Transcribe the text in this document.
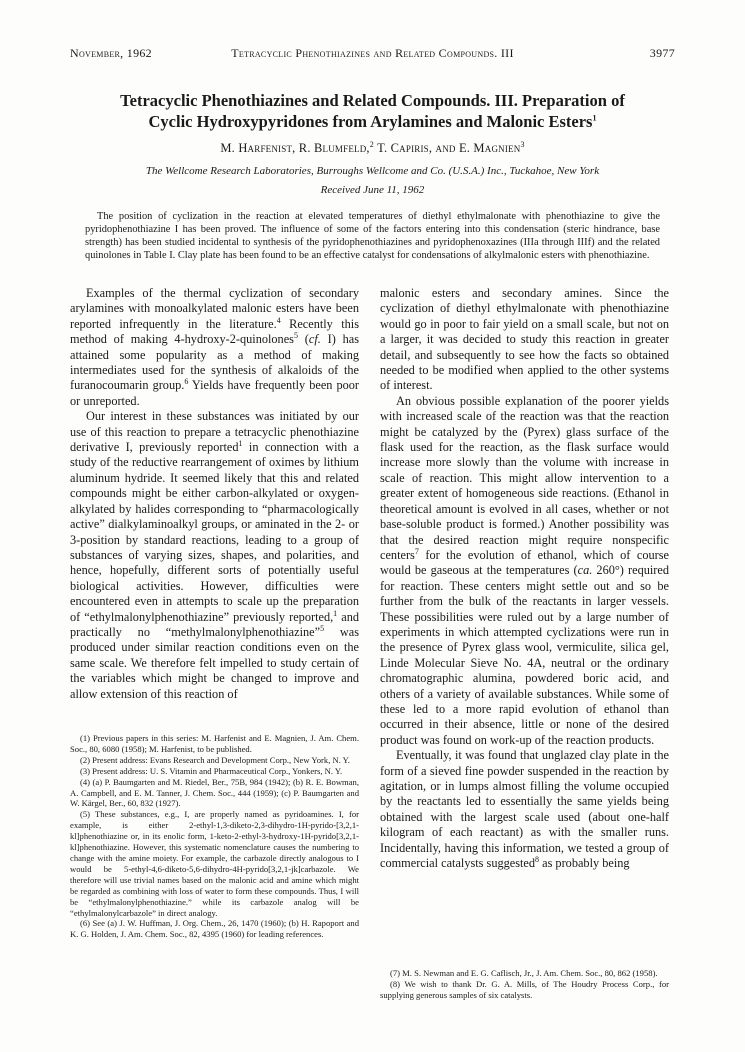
November, 1962	Tetracyclic Phenothiazines and Related Compounds. III	3977
Tetracyclic Phenothiazines and Related Compounds. III. Preparation of
Cyclic Hydroxypyridones from Arylamines and Malonic Esters$^1$
M. Harfenist, R. Blumfeld,$^2$ T. Capiris, and E. Magnien$^3$
The Wellcome Research Laboratories, Burroughs Wellcome and Co. (U.S.A.) Inc., Tuckahoe, New York
Received June 11, 1962
The position of cyclization in the reaction at elevated temperatures of diethyl ethylmalonate with phenothiazine to give the pyridophenothiazine I has been proved. The influence of some of the factors entering into this condensation (steric hindrance, base strength) has been studied incidental to synthesis of the pyridophenothiazines and pyridophenoxazines (IIIa through IIIf) and the related quinolones in Table I. Clay plate has been found to be an effective catalyst for condensations of alkylmalonic esters with phenothiazine.

Examples of the thermal cyclization of secondary arylamines with monoalkylated malonic esters have been reported infrequently in the literature.$^4$ Recently this method of making 4-hydroxy-2-quinolones$^5$ (cf. I) has attained some popularity as a method of making intermediates used for the synthesis of alkaloids of the furanocoumarin group.$^6$ Yields have frequently been poor or unreported.

Our interest in these substances was initiated by our use of this reaction to prepare a tetracyclic phenothiazine derivative I, previously reported$^1$ in connection with a study of the reductive rearrangement of oximes by lithium aluminum hydride. It seemed likely that this and related compounds might be either carbon-alkylated or oxygen-alkylated by halides corresponding to “pharmacologically active” dialkylaminoalkyl groups, or aminated in the 2- or 3-position by standard reactions, leading to a group of substances of varying sizes, shapes, and polarities, and hence, hopefully, different sorts of potentially useful biological activities. However, difficulties were encountered even in attempts to scale up the preparation of “ethylmalonylphenothiazine” previously reported,$^1$ and practically no “methylmalonylphenothiazine”$^5$ was produced under similar reaction conditions even on the same scale. We therefore felt impelled to study certain of the variables which might be changed to improve and allow extension of this reaction of

(1) Previous papers in this series: M. Harfenist and E. Magnien, J. Am. Chem. Soc., 80, 6080 (1958); M. Harfenist, to be published.
(2) Present address: Evans Research and Development Corp., New York, N. Y.
(3) Present address: U. S. Vitamin and Pharmaceutical Corp., Yonkers, N. Y.
(4) (a) P. Baumgarten and M. Riedel, Ber., 75B, 984 (1942); (b) R. E. Bowman, A. Campbell, and E. M. Tanner, J. Chem. Soc., 444 (1959); (c) P. Baumgarten and W. Kärgel, Ber., 60, 832 (1927).
(5) These substances, e.g., I, are properly named as pyridoamines. I, for example, is either 2-ethyl-1,3-diketo-2,3-dihydro-1H-pyrido-[3,2,1-kl]phenothiazine or, in its enolic form, 1-keto-2-ethyl-3-hydroxy-1H-pyrido[3,2,1-kl]phenothiazine. However, this systematic nomenclature causes the numbering to change with the amine moiety. For example, the carbazole directly analogous to I would be 5-ethyl-4,6-diketo-5,6-dihydro-4H-pyrido[3,2,1-jk]carbazole. We therefore will use trivial names based on the malonic acid and amine which might be regarded as combining with loss of water to form these compounds. Thus, I will be “ethylmalonylphenothiazine.” while its carbazole analog will be “ethylmalonylcarbazole” in direct analogy.
(6) See (a) J. W. Huffman, J. Org. Chem., 26, 1470 (1960); (b) H. Rapoport and K. G. Holden, J. Am. Chem. Soc., 82, 4395 (1960) for leading references.

malonic esters and secondary amines. Since the cyclization of diethyl ethylmalonate with phenothiazine would go in poor to fair yield on a small scale, but not on a larger, it was decided to study this reaction in greater detail, and subsequently to see how the facts so obtained needed to be modified when applied to the other systems of interest.

An obvious possible explanation of the poorer yields with increased scale of the reaction was that the reaction might be catalyzed by the (Pyrex) glass surface of the flask used for the reaction, as the flask surface would increase more slowly than the volume with increase in scale of reaction. This might allow intervention to a greater extent of homogeneous side reactions. (Ethanol in theoretical amount is evolved in all cases, whether or not base-soluble product is formed.) Another possibility was that the desired reaction might require nonspecific centers$^7$ for the evolution of ethanol, which of course would be gaseous at the temperatures (ca. 260°) required for reaction. These centers might settle out and so be further from the bulk of the reactants in larger vessels. These possibilities were ruled out by a large number of experiments in which attempted cyclizations were run in the presence of Pyrex glass wool, vermiculite, silica gel, Linde Molecular Sieve No. 4A, neutral or the ordinary chromatographic alumina, powdered boric acid, and others of a variety of available substances. While some of these led to a more rapid evolution of ethanol than occurred in their absence, little or none of the desired product was found on work-up of the reaction products.

Eventually, it was found that unglazed clay plate in the form of a sieved fine powder suspended in the reaction by agitation, or in lumps almost filling the volume occupied by the reactants led to essentially the same yields being obtained with the largest scale used (about one-half kilogram of each reactant) as with the smaller runs. Incidentally, having this information, we tested a group of commercial catalysts suggested$^8$ as probably being

(7) M. S. Newman and E. G. Caflisch, Jr., J. Am. Chem. Soc., 80, 862 (1958).
(8) We wish to thank Dr. G. A. Mills, of The Houdry Process Corp., for supplying generous samples of six catalysts.
